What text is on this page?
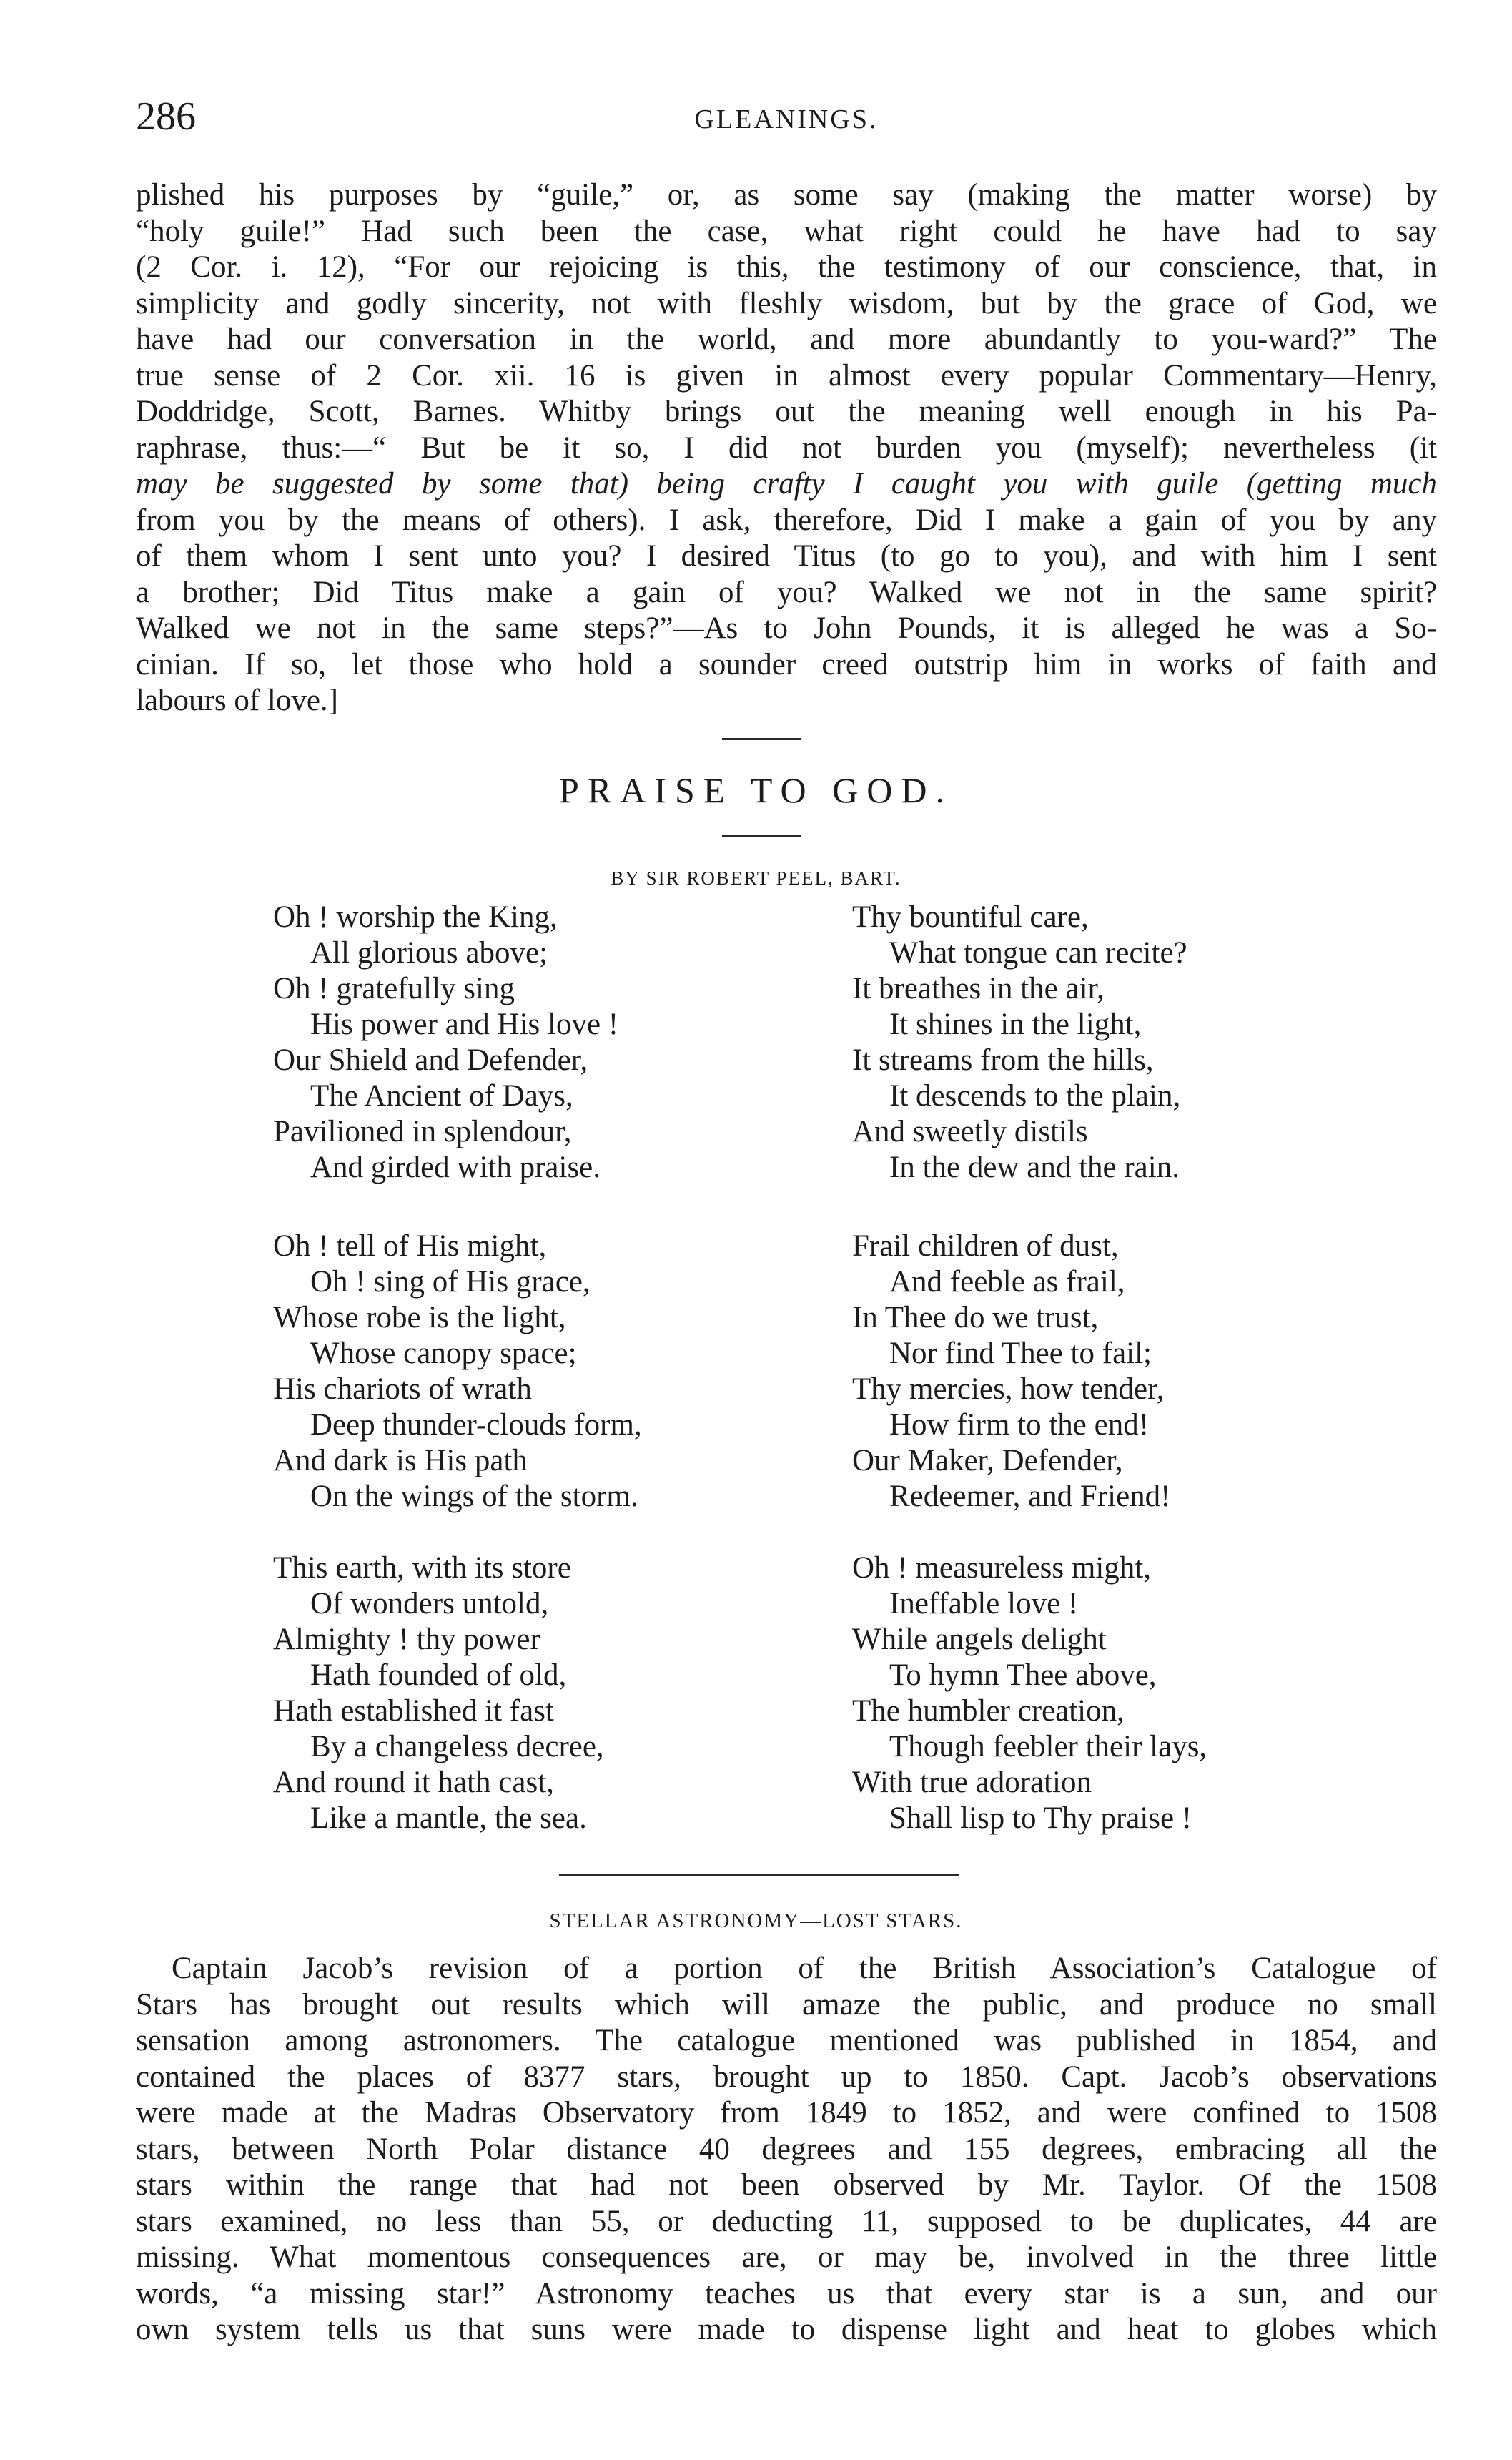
286	GLEANINGS.
plished his purposes by “guile,” or, as some say (making the matter worse) by
“holy guile!” Had such been the case, what right could he have had to say
(2 Cor. i. 12), “For our rejoicing is this, the testimony of our conscience, that, in
simplicity and godly sincerity, not with fleshly wisdom, but by the grace of God, we
have had our conversation in the world, and more abundantly to you-ward?” The
true sense of 2 Cor. xii. 16 is given in almost every popular Commentary—Henry,
Doddridge, Scott, Barnes. Whitby brings out the meaning well enough in his Pa-
raphrase, thus:—“ But be it so, I did not burden you (myself); nevertheless (it
may be suggested by some that) being crafty I caught you with guile (getting much
from you by the means of others). I ask, therefore, Did I make a gain of you by any
of them whom I sent unto you? I desired Titus (to go to you), and with him I sent
a brother; Did Titus make a gain of you? Walked we not in the same spirit?
Walked we not in the same steps?”—As to John Pounds, it is alleged he was a So-
cinian. If so, let those who hold a sounder creed outstrip him in works of faith and
labours of love.]
PRAISE TO GOD.
BY SIR ROBERT PEEL, BART.
Oh ! worship the King,
All glorious above;
Oh ! gratefully sing
His power and His love !
Our Shield and Defender,
The Ancient of Days,
Pavilioned in splendour,
And girded with praise.
Oh ! tell of His might,
Oh ! sing of His grace,
Whose robe is the light,
Whose canopy space;
His chariots of wrath
Deep thunder-clouds form,
And dark is His path
On the wings of the storm.
This earth, with its store
Of wonders untold,
Almighty ! thy power
Hath founded of old,
Hath established it fast
By a changeless decree,
And round it hath cast,
Like a mantle, the sea.
Thy bountiful care,
What tongue can recite?
It breathes in the air,
It shines in the light,
It streams from the hills,
It descends to the plain,
And sweetly distils
In the dew and the rain.
Frail children of dust,
And feeble as frail,
In Thee do we trust,
Nor find Thee to fail;
Thy mercies, how tender,
How firm to the end!
Our Maker, Defender,
Redeemer, and Friend!
Oh ! measureless might,
Ineffable love !
While angels delight
To hymn Thee above,
The humbler creation,
Though feebler their lays,
With true adoration
Shall lisp to Thy praise !
STELLAR ASTRONOMY—LOST STARS.
Captain Jacob’s revision of a portion of the British Association’s Catalogue of
Stars has brought out results which will amaze the public, and produce no small
sensation among astronomers. The catalogue mentioned was published in 1854, and
contained the places of 8377 stars, brought up to 1850. Capt. Jacob’s observations
were made at the Madras Observatory from 1849 to 1852, and were confined to 1508
stars, between North Polar distance 40 degrees and 155 degrees, embracing all the
stars within the range that had not been observed by Mr. Taylor. Of the 1508
stars examined, no less than 55, or deducting 11, supposed to be duplicates, 44 are
missing. What momentous consequences are, or may be, involved in the three little
words, “a missing star!” Astronomy teaches us that every star is a sun, and our
own system tells us that suns were made to dispense light and heat to globes which
